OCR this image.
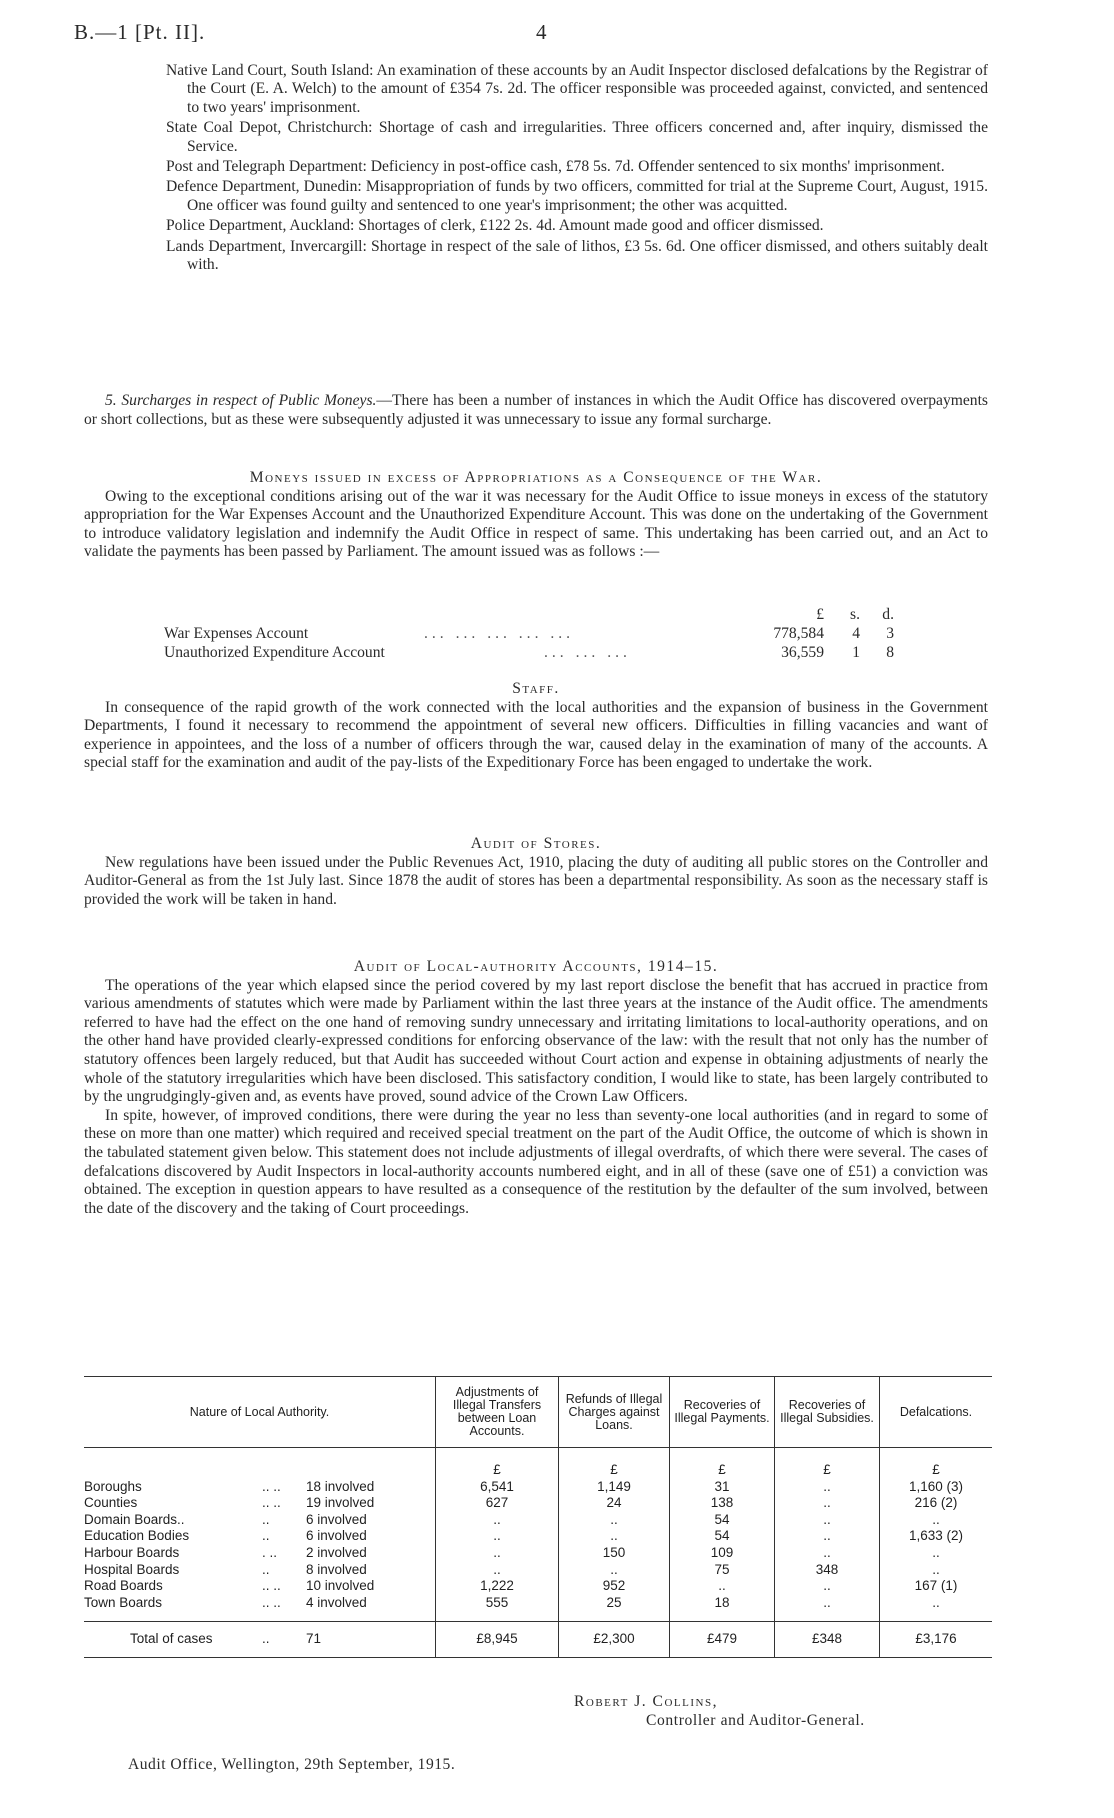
B.—1 [Pt. II].	4

Native Land Court, South Island: An examination of these accounts by an Audit Inspector disclosed defalcations by the Registrar of the Court (E. A. Welch) to the amount of £354 7s. 2d. The officer responsible was proceeded against, convicted, and sentenced to two years' imprisonment.

State Coal Depot, Christchurch: Shortage of cash and irregularities. Three officers concerned and, after inquiry, dismissed the Service.

Post and Telegraph Department: Deficiency in post-office cash, £78 5s. 7d. Offender sentenced to six months' imprisonment.

Defence Department, Dunedin: Misappropriation of funds by two officers, committed for trial at the Supreme Court, August, 1915. One officer was found guilty and sentenced to one year's imprisonment; the other was acquitted.

Police Department, Auckland: Shortages of clerk, £122 2s. 4d. Amount made good and officer dismissed.

Lands Department, Invercargill: Shortage in respect of the sale of lithos, £3 5s. 6d. One officer dismissed, and others suitably dealt with.

5. Surcharges in respect of Public Moneys.—There has been a number of instances in which the Audit Office has discovered overpayments or short collections, but as these were subsequently adjusted it was unnecessary to issue any formal surcharge.

Moneys issued in excess of Appropriations as a Consequence of the War.

Owing to the exceptional conditions arising out of the war it was necessary for the Audit Office to issue moneys in excess of the statutory appropriation for the War Expenses Account and the Unauthorized Expenditure Account. This was done on the undertaking of the Government to introduce validatory legislation and indemnify the Audit Office in respect of same. This undertaking has been carried out, and an Act to validate the payments has been passed by Parliament. The amount issued was as follows :—

£	s.	d.
War Expenses Account	... ... ... ... ...	778,584	4	3
Unauthorized Expenditure Account	... ... ...	36,559	1	8

Staff.

In consequence of the rapid growth of the work connected with the local authorities and the expansion of business in the Government Departments, I found it necessary to recommend the appointment of several new officers. Difficulties in filling vacancies and want of experience in appointees, and the loss of a number of officers through the war, caused delay in the examination of many of the accounts. A special staff for the examination and audit of the pay-lists of the Expeditionary Force has been engaged to undertake the work.

Audit of Stores.

New regulations have been issued under the Public Revenues Act, 1910, placing the duty of auditing all public stores on the Controller and Auditor-General as from the 1st July last. Since 1878 the audit of stores has been a departmental responsibility. As soon as the necessary staff is provided the work will be taken in hand.

Audit of Local-authority Accounts, 1914–15.

The operations of the year which elapsed since the period covered by my last report disclose the benefit that has accrued in practice from various amendments of statutes which were made by Parliament within the last three years at the instance of the Audit office. The amendments referred to have had the effect on the one hand of removing sundry unnecessary and irritating limitations to local-authority operations, and on the other hand have provided clearly-expressed conditions for enforcing observance of the law: with the result that not only has the number of statutory offences been largely reduced, but that Audit has succeeded without Court action and expense in obtaining adjustments of nearly the whole of the statutory irregularities which have been disclosed. This satisfactory condition, I would like to state, has been largely contributed to by the ungrudgingly-given and, as events have proved, sound advice of the Crown Law Officers.

In spite, however, of improved conditions, there were during the year no less than seventy-one local authorities (and in regard to some of these on more than one matter) which required and received special treatment on the part of the Audit Office, the outcome of which is shown in the tabulated statement given below. This statement does not include adjustments of illegal overdrafts, of which there were several. The cases of defalcations discovered by Audit Inspectors in local-authority accounts numbered eight, and in all of these (save one of £51) a conviction was obtained. The exception in question appears to have resulted as a consequence of the restitution by the defaulter of the sum involved, between the date of the discovery and the taking of Court proceedings.

Nature of Local Authority.			Adjustments of Illegal Transfers between Loan Accounts.	Refunds of Illegal Charges against Loans.	Recoveries of Illegal Payments.	Recoveries of Illegal Subsidies.	Defalcations.
			£	£	£	£	£
Boroughs	.. ..	18 involved	6,541	1,149	31	..	1,160 (3)
Counties	.. ..	19 involved	627	24	138	..	216 (2)
Domain Boards..	..	6 involved	..	..	54	..	..
Education Bodies	..	6 involved	..	..	54	..	1,633 (2)
Harbour Boards	. ..	2 involved	..	150	109	..	..
Hospital Boards	..	8 involved	..	..	75	348	..
Road Boards	.. ..	10 involved	1,222	952	..	..	167 (1)
Town Boards	.. ..	4 involved	555	25	18	..	..
Total of cases	..	71	£8,945	£2,300	£479	£348	£3,176
Robert J. Collins,
Controller and Auditor-General.
Audit Office, Wellington, 29th September, 1915.
